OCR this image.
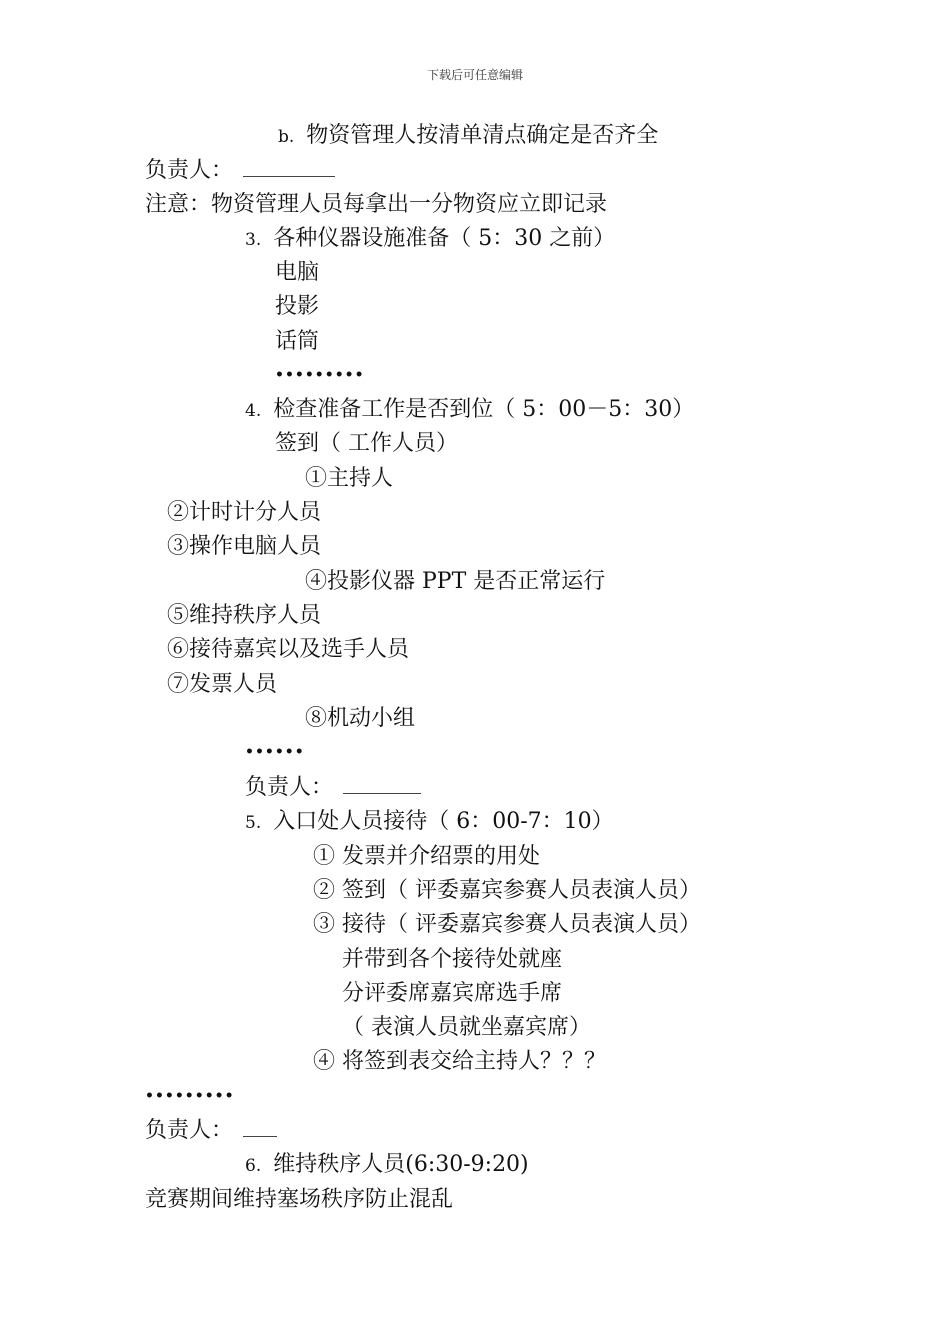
下载后可任意编辑
b. 物资管理人按清单清点确定是否齐全
负责人：
注意：物资管理人员每拿出一分物资应立即记录
3. 各种仪器设施准备（ 5：30 之前）
电脑
投影
话筒
•••••••••
4. 检查准备工作是否到位（ 5：00－5：30）
签到（ 工作人员）
①主持人
②计时计分人员
③操作电脑人员
④投影仪器 PPT 是否正常运行
⑤维持秩序人员
⑥接待嘉宾以及选手人员
⑦发票人员
⑧机动小组
••••••
负责人：
5. 入口处人员接待（ 6：00-7：10）
① 发票并介绍票的用处
② 签到（ 评委嘉宾参赛人员表演人员）
③ 接待（ 评委嘉宾参赛人员表演人员）
并带到各个接待处就座
分评委席嘉宾席选手席
（ 表演人员就坐嘉宾席）
④ 将签到表交给主持人？？？
•••••••••
负责人：
6. 维持秩序人员(6:30-9:20)
竞赛期间维持塞场秩序防止混乱
